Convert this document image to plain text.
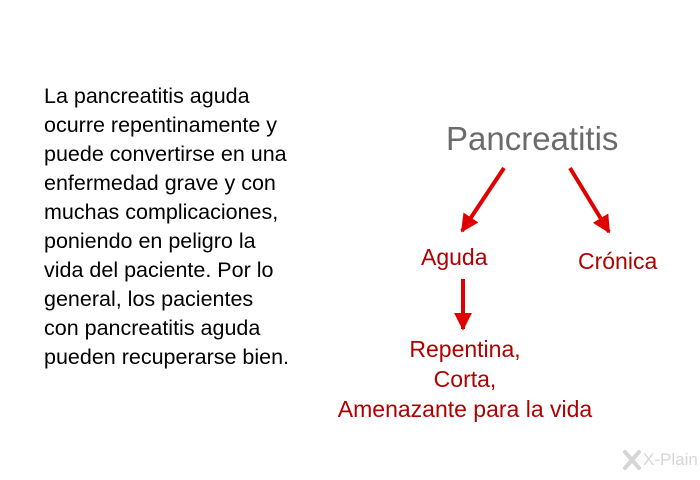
La pancreatitis aguda
ocurre repentinamente y
puede convertirse en una
enfermedad grave y con
muchas complicaciones,
poniendo en peligro la
vida del paciente. Por lo
general, los pacientes
con pancreatitis aguda
pueden recuperarse bien.
Pancreatitis
Aguda	Crónica
Repentina,
Corta,
Amenazante para la vida
X-Plain
